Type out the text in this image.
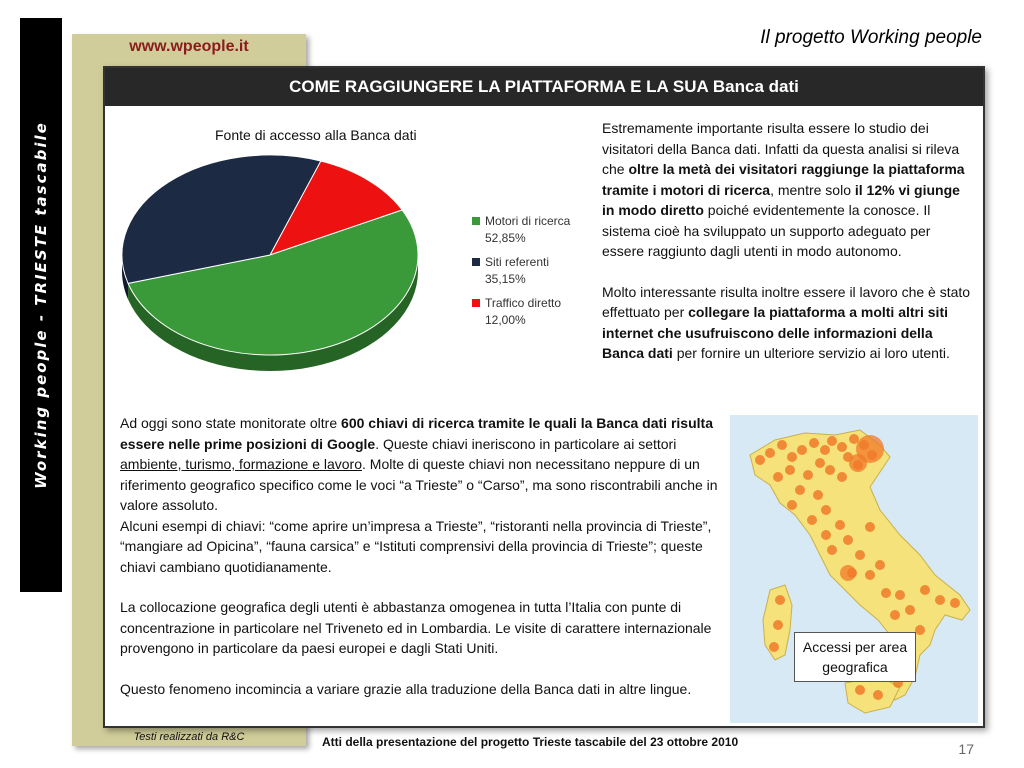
Working people - TRIESTE tascabile
www.wpeople.it
Testi realizzati da R&C
Il progetto Working people
COME RAGGIUNGERE LA PIATTAFORMA E LA SUA Banca dati
Fonte di accesso alla Banca dati
Motori di ricerca
52,85%
Siti referenti
35,15%
Traffico diretto
12,00%

Estremamente importante risulta essere lo studio dei visitatori della Banca dati. Infatti da questa analisi si rileva che oltre la metà dei visitatori raggiunge la piattaforma tramite i motori di ricerca, mentre solo il 12% vi giunge in modo diretto poiché evidentemente la conosce. Il sistema cioè ha sviluppato un supporto adeguato per essere raggiunto dagli utenti in modo autonomo.

Molto interessante risulta inoltre essere il lavoro che è stato effettuato per collegare la piattaforma a molti altri siti internet che usufruiscono delle informazioni della Banca dati per fornire un ulteriore servizio ai loro utenti.

Ad oggi sono state monitorate oltre 600 chiavi di ricerca tramite le quali la Banca dati risulta essere nelle prime posizioni di Google. Queste chiavi ineriscono in particolare ai settori ambiente, turismo, formazione e lavoro. Molte di queste chiavi non necessitano neppure di un riferimento geografico specifico come le voci “a Trieste” o “Carso”, ma sono riscontrabili anche in valore assoluto.

Alcuni esempi di chiavi: “come aprire un’impresa a Trieste”, “ristoranti nella provincia di Trieste”, “mangiare ad Opicina”, “fauna carsica” e “Istituti comprensivi della provincia di Trieste”; queste chiavi cambiano quotidianamente.

La collocazione geografica degli utenti è abbastanza omogenea in tutta l’Italia con punte di concentrazione in particolare nel Triveneto ed in Lombardia. Le visite di carattere internazionale provengono in particolare da paesi europei e dagli Stati Uniti.

Questo fenomeno incomincia a variare grazie alla traduzione della Banca dati in altre lingue.

Accessi per area geografica
Atti della presentazione del progetto Trieste tascabile del 23 ottobre 2010	17
